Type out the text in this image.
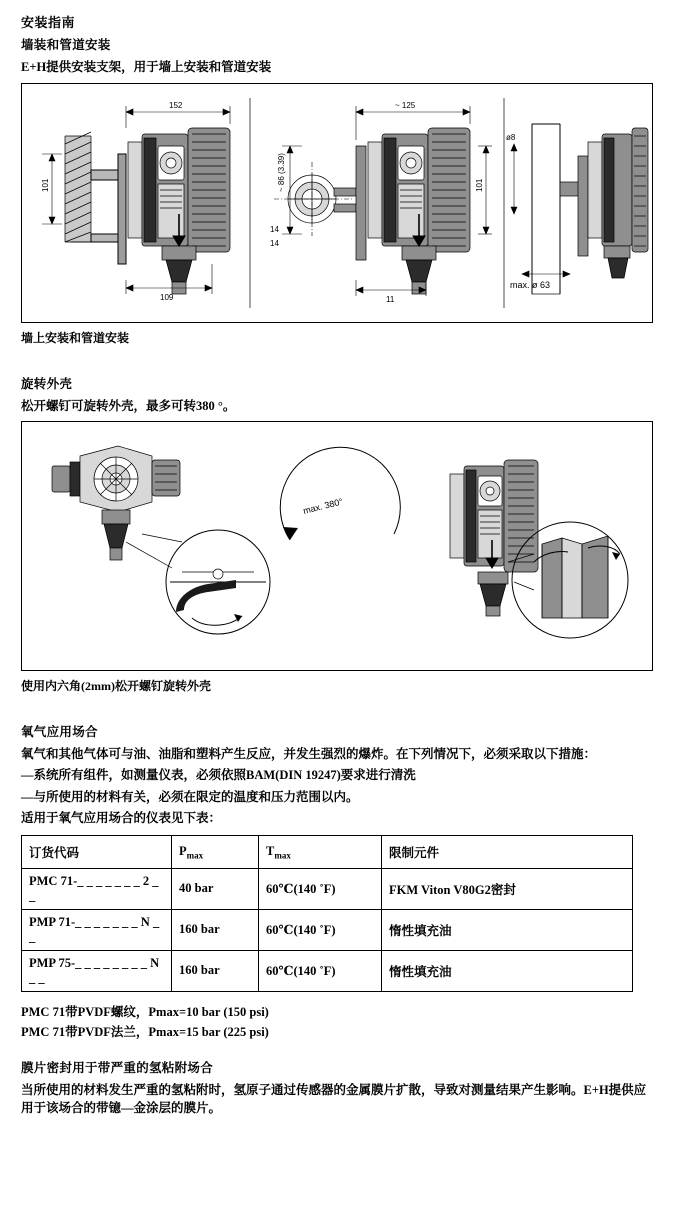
安装指南
墙装和管道安装

E+H提供安装支架，用于墙上安装和管道安装

152
109
101
~ 125
11
~ 86 (3.39)
14
14
101
ø8
max. ø 63

墙上安装和管道安装

旋转外壳

松开螺钉可旋转外壳，最多可转380 °。

max. 380°

使用内六角(2mm)松开螺钉旋转外壳

氧气应用场合

氧气和其他气体可与油、油脂和塑料产生反应，并发生强烈的爆炸。在下列情况下，必须采取以下措施：

—系统所有组件，如测量仪表，必须依照BAM(DIN 19247)要求进行清洗

—与所使用的材料有关，必须在限定的温度和压力范围以内。

适用于氧气应用场合的仪表见下表：

订货代码	$P_{max}$	$T_{max}$	限制元件
PMC 71-_ _ _ _ _ _ _ 2 _ _	40 bar	60℃(140 ˚F)	FKM Viton V80G2密封
PMP 71-_ _ _ _ _ _ _ N _ _	160 bar	60℃(140 ˚F)	惰性填充油
PMP 75-_ _ _ _ _ _ _ _ N _ _	160 bar	60℃(140 ˚F)	惰性填充油

PMC 71带PVDF螺纹，Pmax=10 bar (150 psi)

PMC 71带PVDF法兰，Pmax=15 bar (225 psi)

膜片密封用于带严重的氢粘附场合

当所使用的材料发生严重的氢粘附时，氢原子通过传感器的金属膜片扩散，导致对测量结果产生影响。E+H提供应用于该场合的带镱—金涂层的膜片。
